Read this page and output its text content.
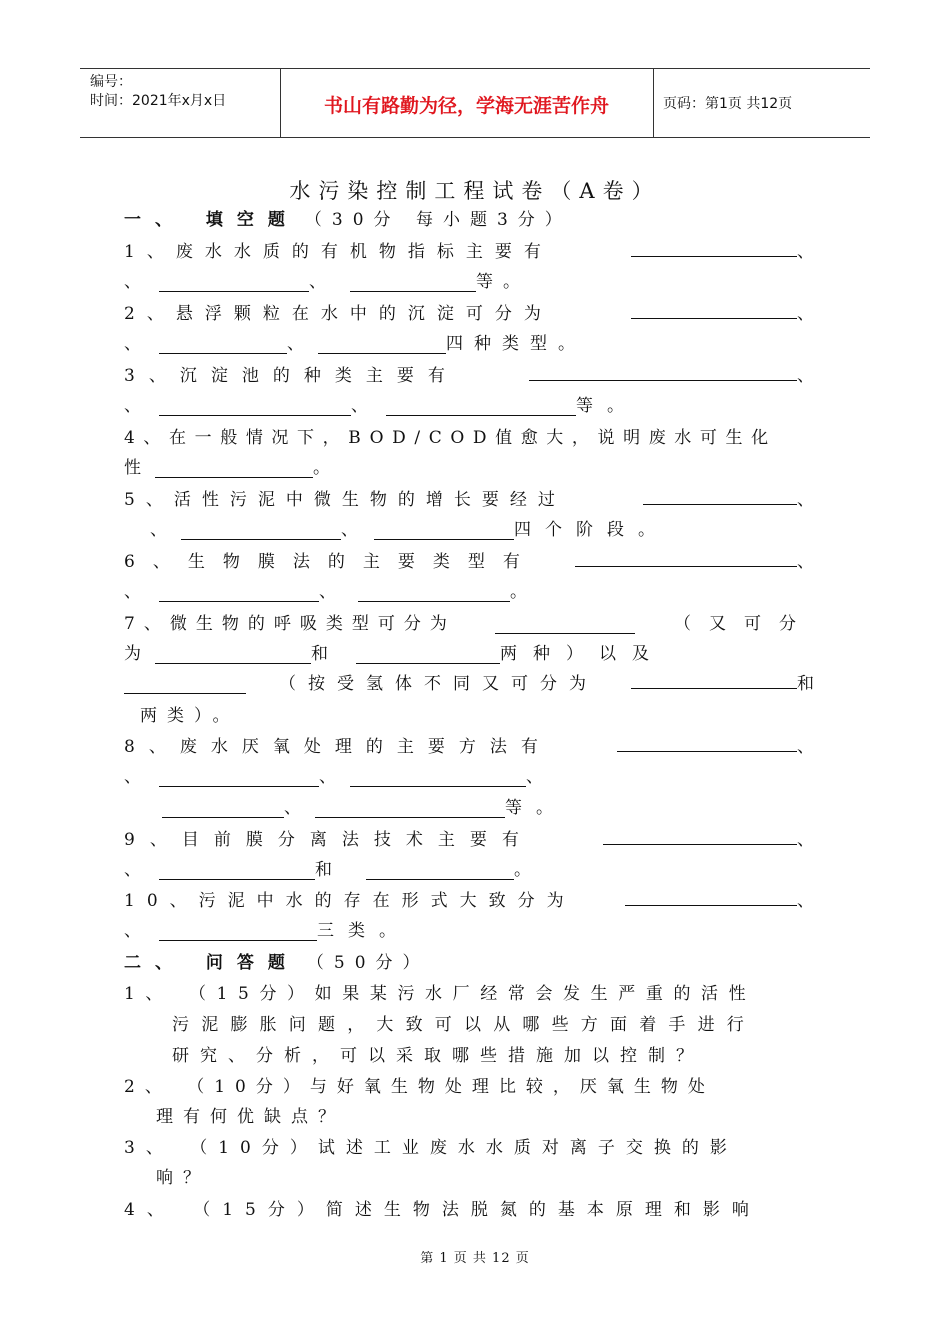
编号：
时间：2021年x月x日	书山有路勤为径，学海无涯苦作舟	页码：第1页 共12页
水污染控制工程试卷（A卷）
一、 填空题 （30分 每小题3分）
1、废水水质的有机物指标主要有	、
、	、	等。
2、悬浮颗粒在水中的沉淀可分为	、
、	、	四种类型。
3、沉淀池的种类主要有	、
、	、	等。
4、在一般情况下，BOD/COD值愈大，说明废水可生化
性	。
5、活性污泥中微生物的增长要经过	、
、	、	四个阶段。
6、生物膜法的主要类型有	、
、	、	。
7、微生物的呼吸类型可分为	（又可分
为	和	两种）以及
（按受氢体不同又可分为	和
两类）。
8、废水厌氧处理的主要方法有	、
、	、	、
、	等。
9、目前膜分离法技术主要有	、
、	和	。
10、污泥中水的存在形式大致分为	、
、	三类。
二、 问答题 （50分）
1、 （15分）如果某污水厂经常会发生严重的活性
污泥膨胀问题，大致可以从哪些方面着手进行
研究、分析，可以采取哪些措施加以控制？
2、 （10分）与好氧生物处理比较，厌氧生物处
理有何优缺点？
3、 （10分）试述工业废水水质对离子交换的影
响？
4、 （15分）简述生物法脱氮的基本原理和影响
第 1 页 共 12 页
